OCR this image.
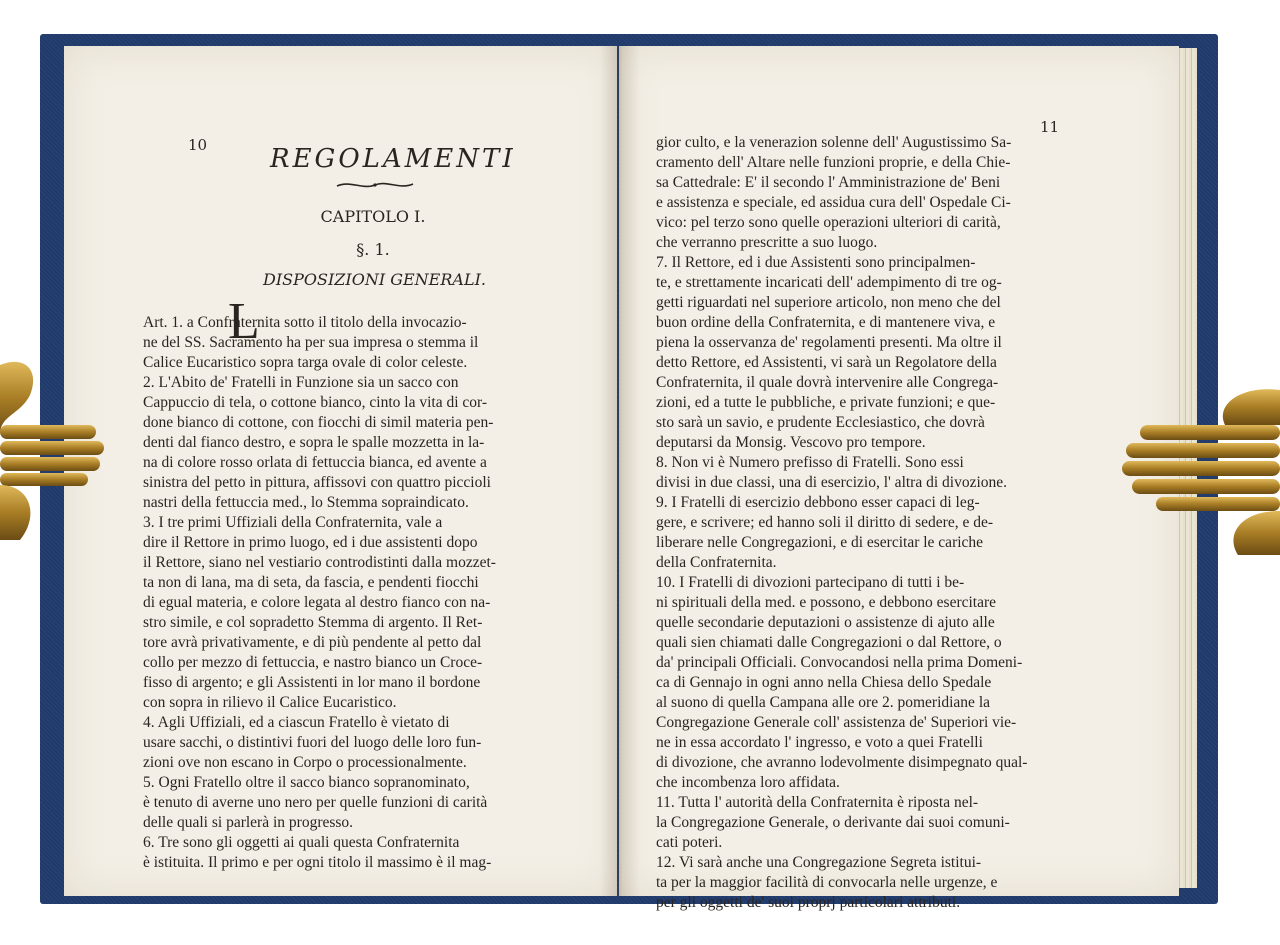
10 REGOLAMENTI
CAPITOLO I.
§. 1.
DISPOSIZIONI GENERALI.
L
Art. 1. a Confraternita sotto il titolo della invocazio-
ne del SS. Sacramento ha per sua impresa o stemma il
Calice Eucaristico sopra targa ovale di color celeste.
2. L'Abito de' Fratelli in Funzione sia un sacco con
Cappuccio di tela, o cottone bianco, cinto la vita di cor-
done bianco di cottone, con fiocchi di simil materia pen-
denti dal fianco destro, e sopra le spalle mozzetta in la-
na di colore rosso orlata di fettuccia bianca, ed avente a
sinistra del petto in pittura, affissovi con quattro piccioli
nastri della fettuccia med., lo Stemma sopraindicato.
3. I tre primi Uffiziali della Confraternita, vale a
dire il Rettore in primo luogo, ed i due assistenti dopo
il Rettore, siano nel vestiario controdistinti dalla mozzet-
ta non di lana, ma di seta, da fascia, e pendenti fiocchi
di egual materia, e colore legata al destro fianco con na-
stro simile, e col sopradetto Stemma di argento. Il Ret-
tore avrà privativamente, e di più pendente al petto dal
collo per mezzo di fettuccia, e nastro bianco un Croce-
fisso di argento; e gli Assistenti in lor mano il bordone
con sopra in rilievo il Calice Eucaristico.
4. Agli Uffiziali, ed a ciascun Fratello è vietato di
usare sacchi, o distintivi fuori del luogo delle loro fun-
zioni ove non escano in Corpo o processionalmente.
5. Ogni Fratello oltre il sacco bianco sopranominato,
è tenuto di averne uno nero per quelle funzioni di carità
delle quali si parlerà in progresso.
6. Tre sono gli oggetti ai quali questa Confraternita
è istituita. Il primo e per ogni titolo il massimo è il mag-
11
gior culto, e la venerazion solenne dell' Augustissimo Sa-
cramento dell' Altare nelle funzioni proprie, e della Chie-
sa Cattedrale: E' il secondo l' Amministrazione de' Beni
e assistenza e speciale, ed assidua cura dell' Ospedale Ci-
vico: pel terzo sono quelle operazioni ulteriori di carità,
che verranno prescritte a suo luogo.
7. Il Rettore, ed i due Assistenti sono principalmen-
te, e strettamente incaricati dell' adempimento di tre og-
getti riguardati nel superiore articolo, non meno che del
buon ordine della Confraternita, e di mantenere viva, e
piena la osservanza de' regolamenti presenti. Ma oltre il
detto Rettore, ed Assistenti, vi sarà un Regolatore della
Confraternita, il quale dovrà intervenire alle Congrega-
zioni, ed a tutte le pubbliche, e private funzioni; e que-
sto sarà un savio, e prudente Ecclesiastico, che dovrà
deputarsi da Monsig. Vescovo pro tempore.
8. Non vi è Numero prefisso di Fratelli. Sono essi
divisi in due classi, una di esercizio, l' altra di divozione.
9. I Fratelli di esercizio debbono esser capaci di leg-
gere, e scrivere; ed hanno soli il diritto di sedere, e de-
liberare nelle Congregazioni, e di esercitar le cariche
della Confraternita.
10. I Fratelli di divozioni partecipano di tutti i be-
ni spirituali della med. e possono, e debbono esercitare
quelle secondarie deputazioni o assistenze di ajuto alle
quali sien chiamati dalle Congregazioni o dal Rettore, o
da' principali Officiali. Convocandosi nella prima Domeni-
ca di Gennajo in ogni anno nella Chiesa dello Spedale
al suono di quella Campana alle ore 2. pomeridiane la
Congregazione Generale coll' assistenza de' Superiori vie-
ne in essa accordato l' ingresso, e voto a quei Fratelli
di divozione, che avranno lodevolmente disimpegnato qual-
che incombenza loro affidata.
11. Tutta l' autorità della Confraternita è riposta nel-
la Congregazione Generale, o derivante dai suoi comuni-
cati poteri.
12. Vi sarà anche una Congregazione Segreta istitui-
ta per la maggior facilità di convocarla nelle urgenze, e
per gli oggetti de' suoi proprj particolari attributi.
